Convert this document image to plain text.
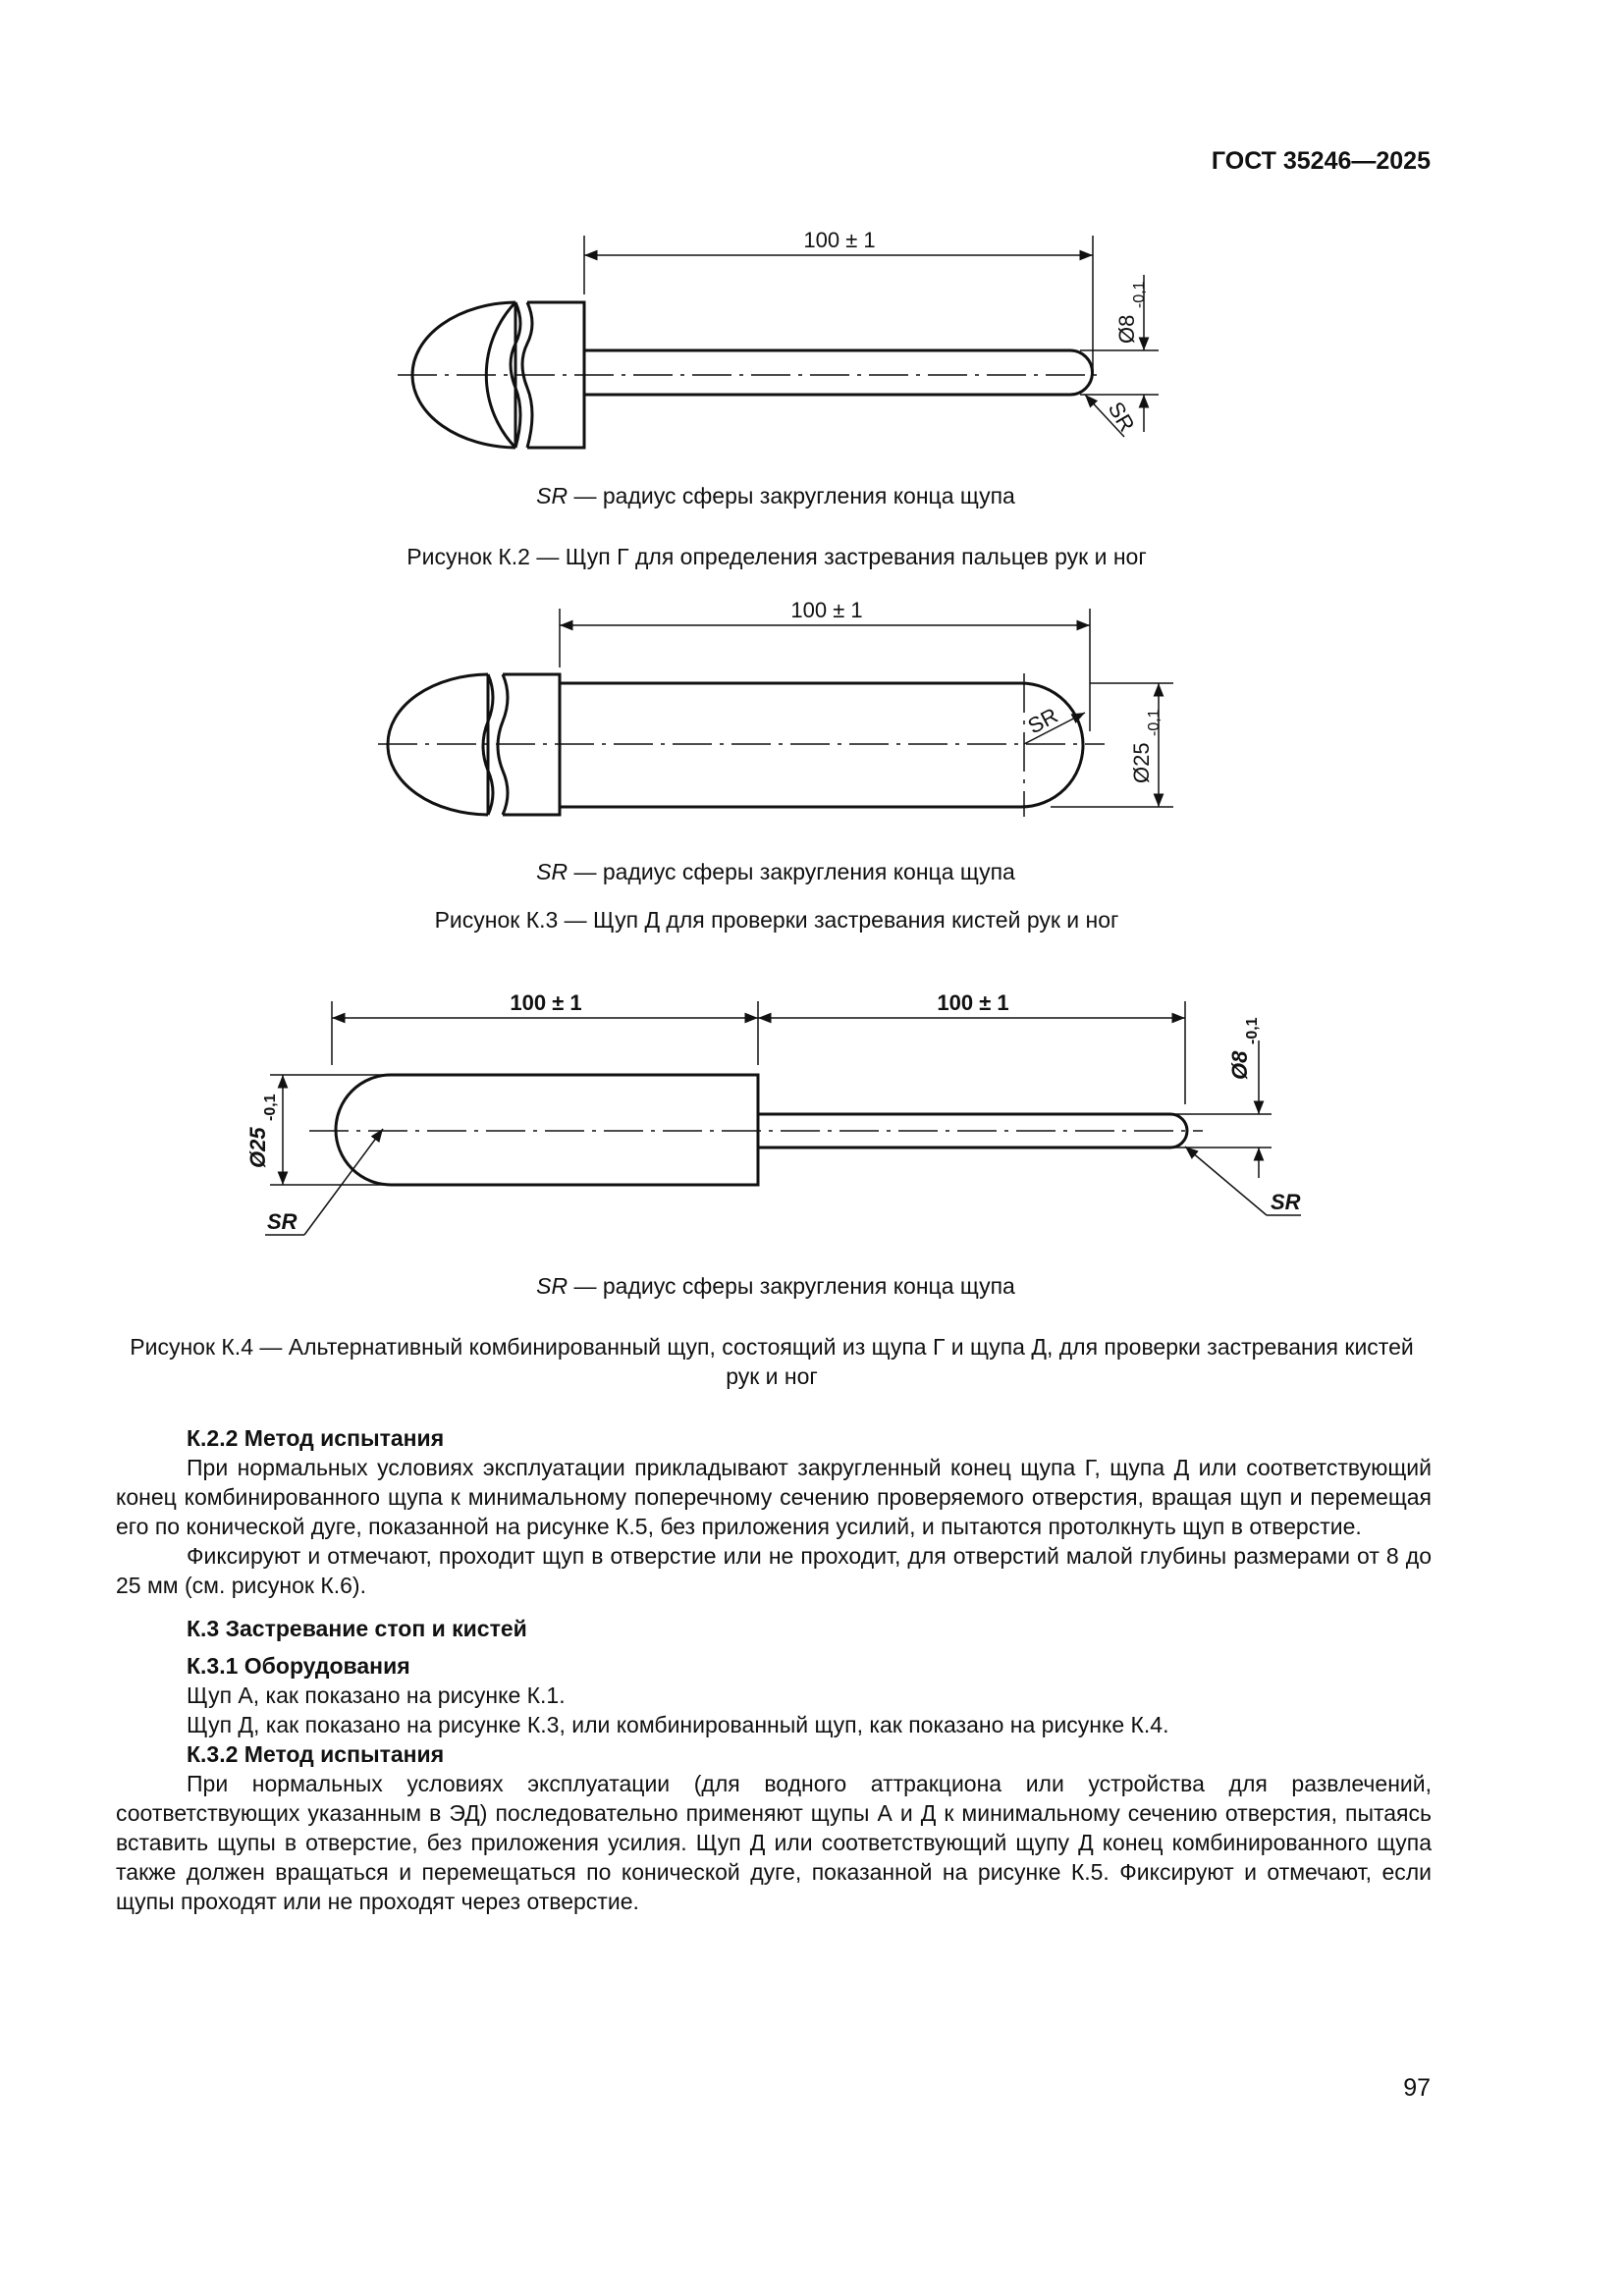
ГОСТ 35246—2025
100 ± 1
Ø8
-0,1
SR
SR — радиус сферы закругления конца щупа
Рисунок К.2 — Щуп Г для определения застревания пальцев рук и ног
100 ± 1
Ø25
-0,1
SR
SR — радиус сферы закругления конца щупа
Рисунок К.3 — Щуп Д для проверки застревания кистей рук и ног
100 ± 1	100 ± 1
Ø25
-0,1
Ø8
-0,1
SR
SR
SR — радиус сферы закругления конца щупа
Рисунок К.4 — Альтернативный комбинированный щуп, состоящий из щупа Г и щупа Д, для проверки застревания кистей рук и ног
К.2.2 Метод испытания

При нормальных условиях эксплуатации прикладывают закругленный конец щупа Г, щупа Д или соответствующий конец комбинированного щупа к минимальному поперечному сечению проверяемого отверстия, вращая щуп и перемещая его по конической дуге, показанной на рисунке К.5, без приложения усилий, и пытаются протолкнуть щуп в отверстие.

Фиксируют и отмечают, проходит щуп в отверстие или не проходит, для отверстий малой глубины размерами от 8 до 25 мм (см. рисунок К.6).

К.3 Застревание стоп и кистей
К.3.1 Оборудования

Щуп А, как показано на рисунке К.1.

Щуп Д, как показано на рисунке К.3, или комбинированный щуп, как показано на рисунке К.4.

К.3.2 Метод испытания

При нормальных условиях эксплуатации (для водного аттракциона или устройства для развлечений, соответствующих указанным в ЭД) последовательно применяют щупы А и Д к минимальному сечению отверстия, пытаясь вставить щупы в отверстие, без приложения усилия. Щуп Д или соответствующий щупу Д конец комбинированного щупа также должен вращаться и перемещаться по конической дуге, показанной на рисунке К.5. Фиксируют и отмечают, если щупы проходят или не проходят через отверстие.

97
